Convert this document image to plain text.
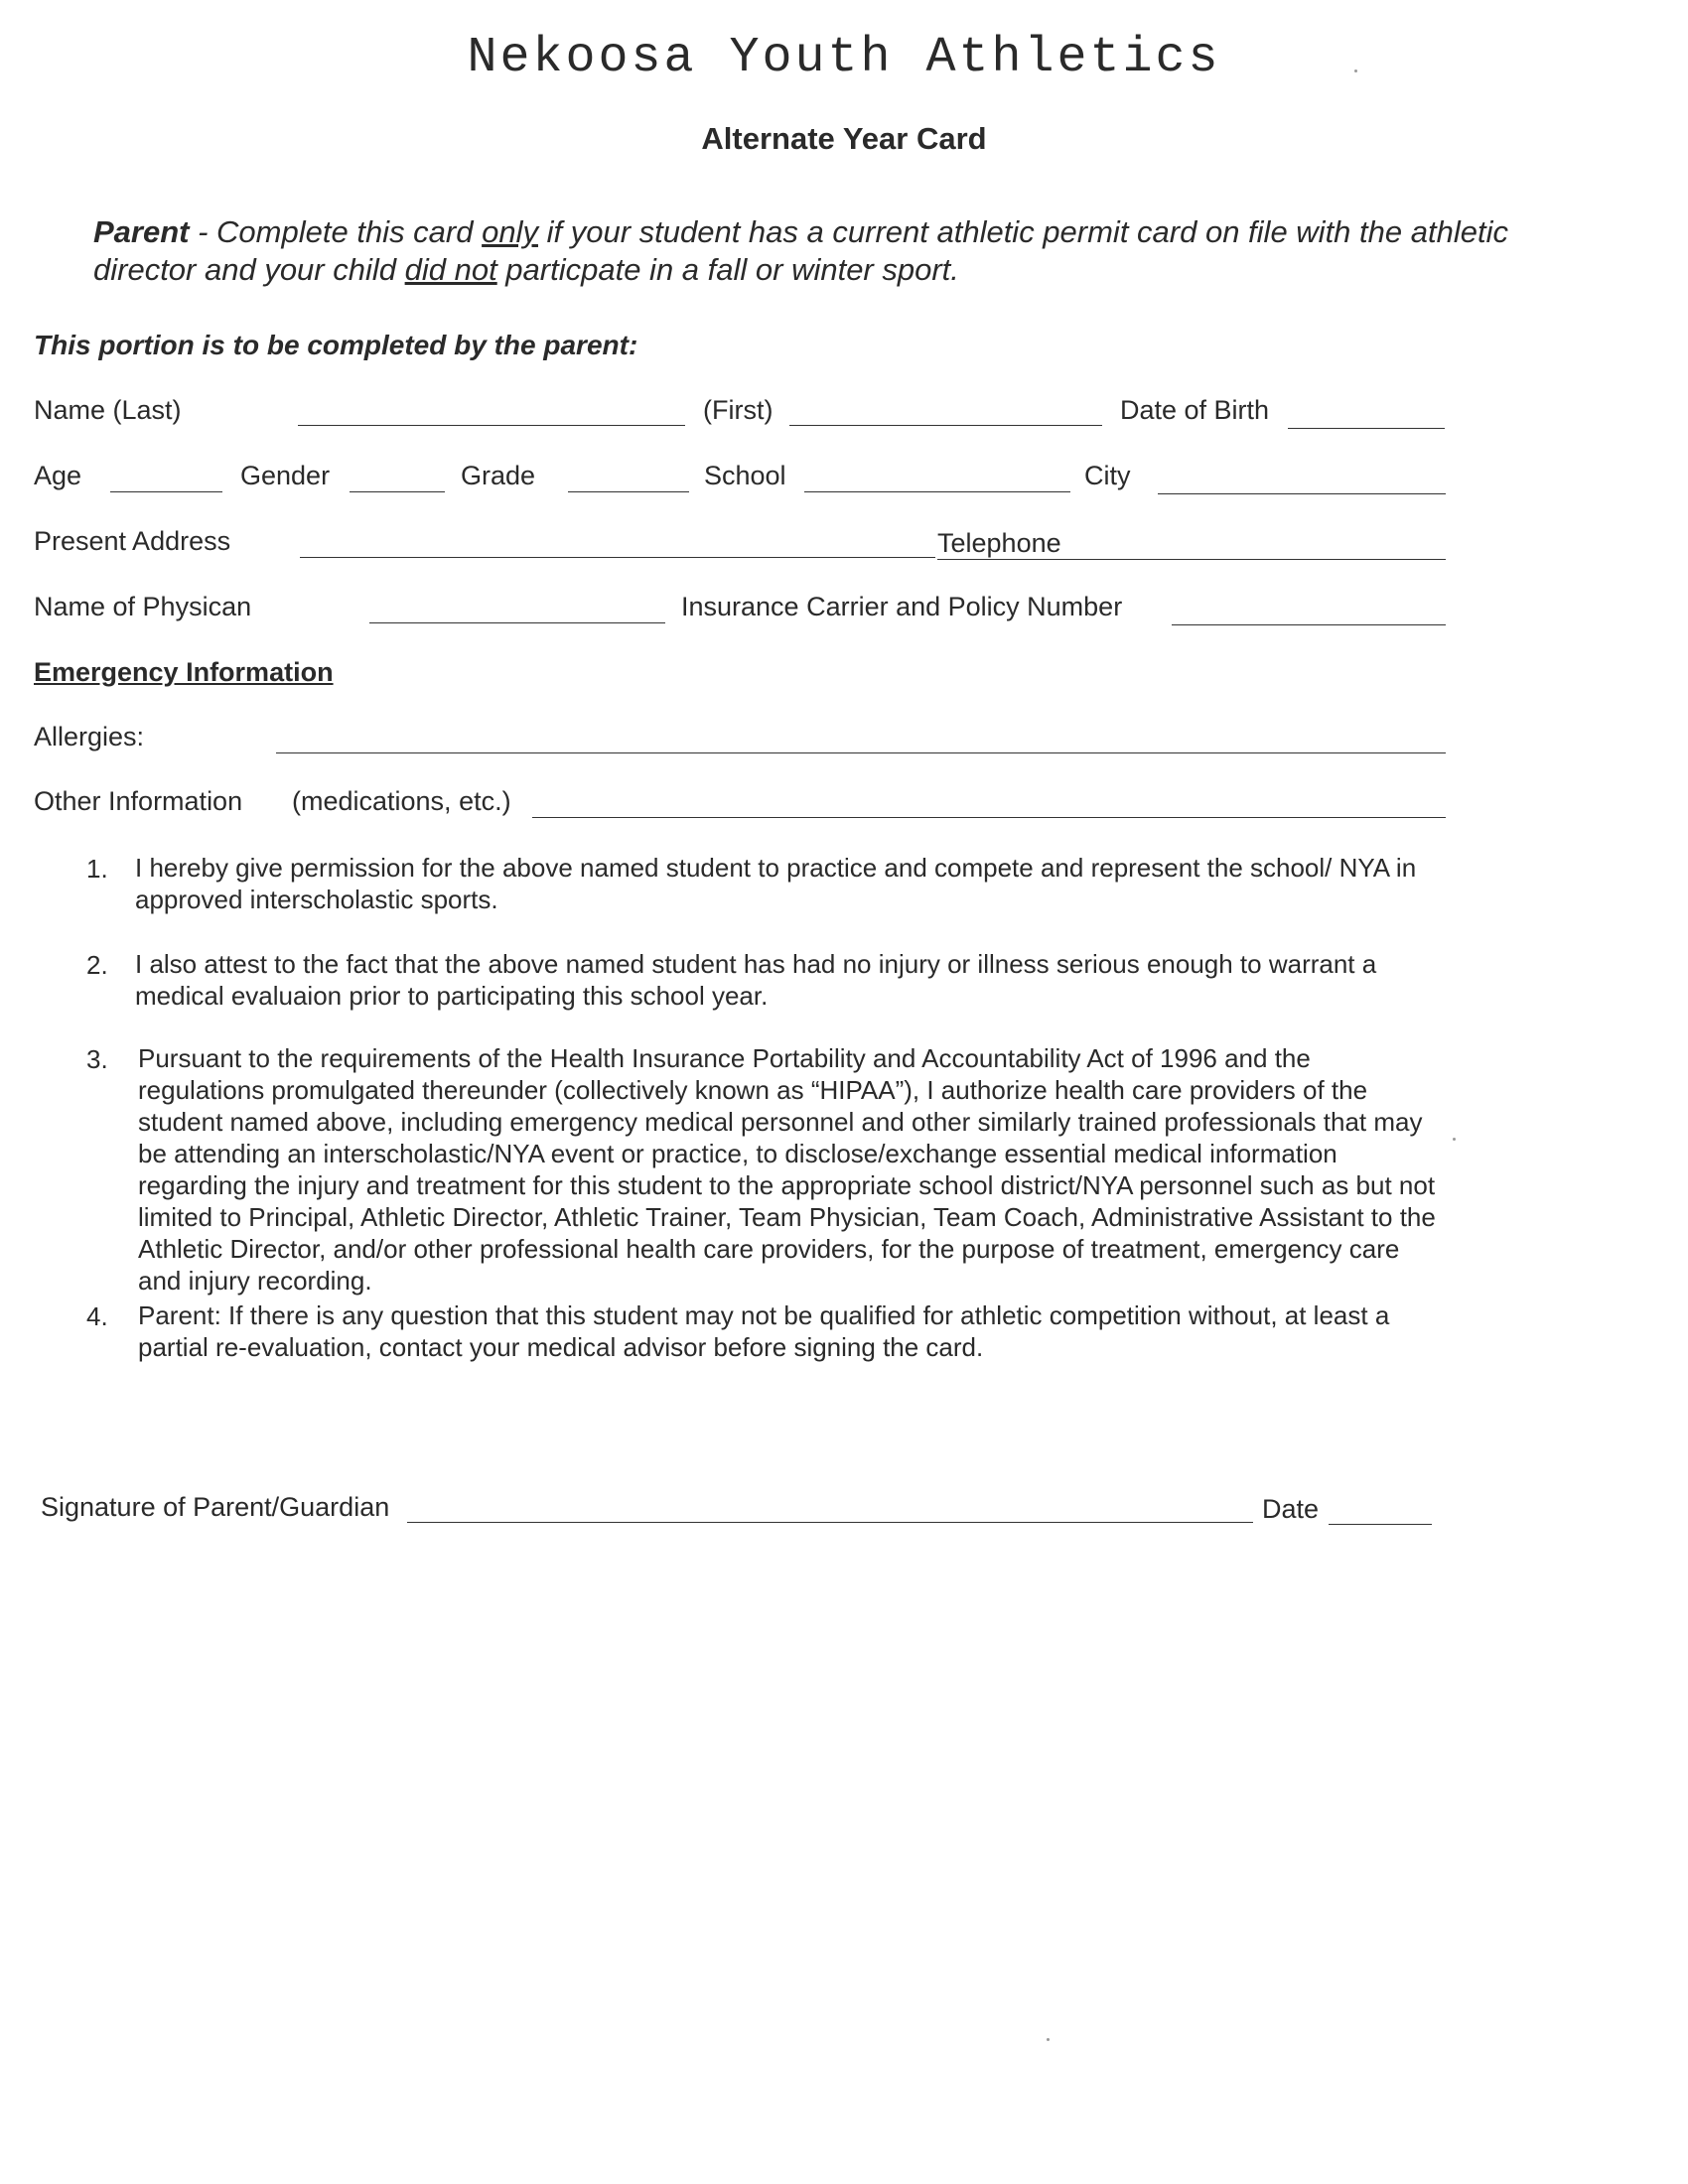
Nekoosa Youth Athletics
Alternate Year Card
Parent - Complete this card only if your student has a current athletic permit card on file with the athletic director and your child did not particpate in a fall or winter sport.
This portion is to be completed by the parent:
Name (Last)	(First)	Date of Birth
Age	Gender	Grade	School	City
Present Address	Telephone
Name of Physican	Insurance Carrier and Policy Number
Emergency Information
Allergies:
Other Information (medications, etc.)
1. I hereby give permission for the above named student to practice and compete and represent the school/ NYA in approved interscholastic sports.
2. I also attest to the fact that the above named student has had no injury or illness serious enough to warrant a medical evaluaion prior to participating this school year.
3. Pursuant to the requirements of the Health Insurance Portability and Accountability Act of 1996 and the regulations promulgated thereunder (collectively known as “HIPAA”), I authorize health care providers of the student named above, including emergency medical personnel and other similarly trained professionals that may be attending an interscholastic/NYA event or practice, to disclose/exchange essential medical information regarding the injury and treatment for this student to the appropriate school district/NYA personnel such as but not limited to Principal, Athletic Director, Athletic Trainer, Team Physician, Team Coach, Administrative Assistant to the Athletic Director, and/or other professional health care providers, for the purpose of treatment, emergency care and injury recording.
4. Parent: If there is any question that this student may not be qualified for athletic competition without, at least a partial re-evaluation, contact your medical advisor before signing the card.
Signature of Parent/Guardian	Date
